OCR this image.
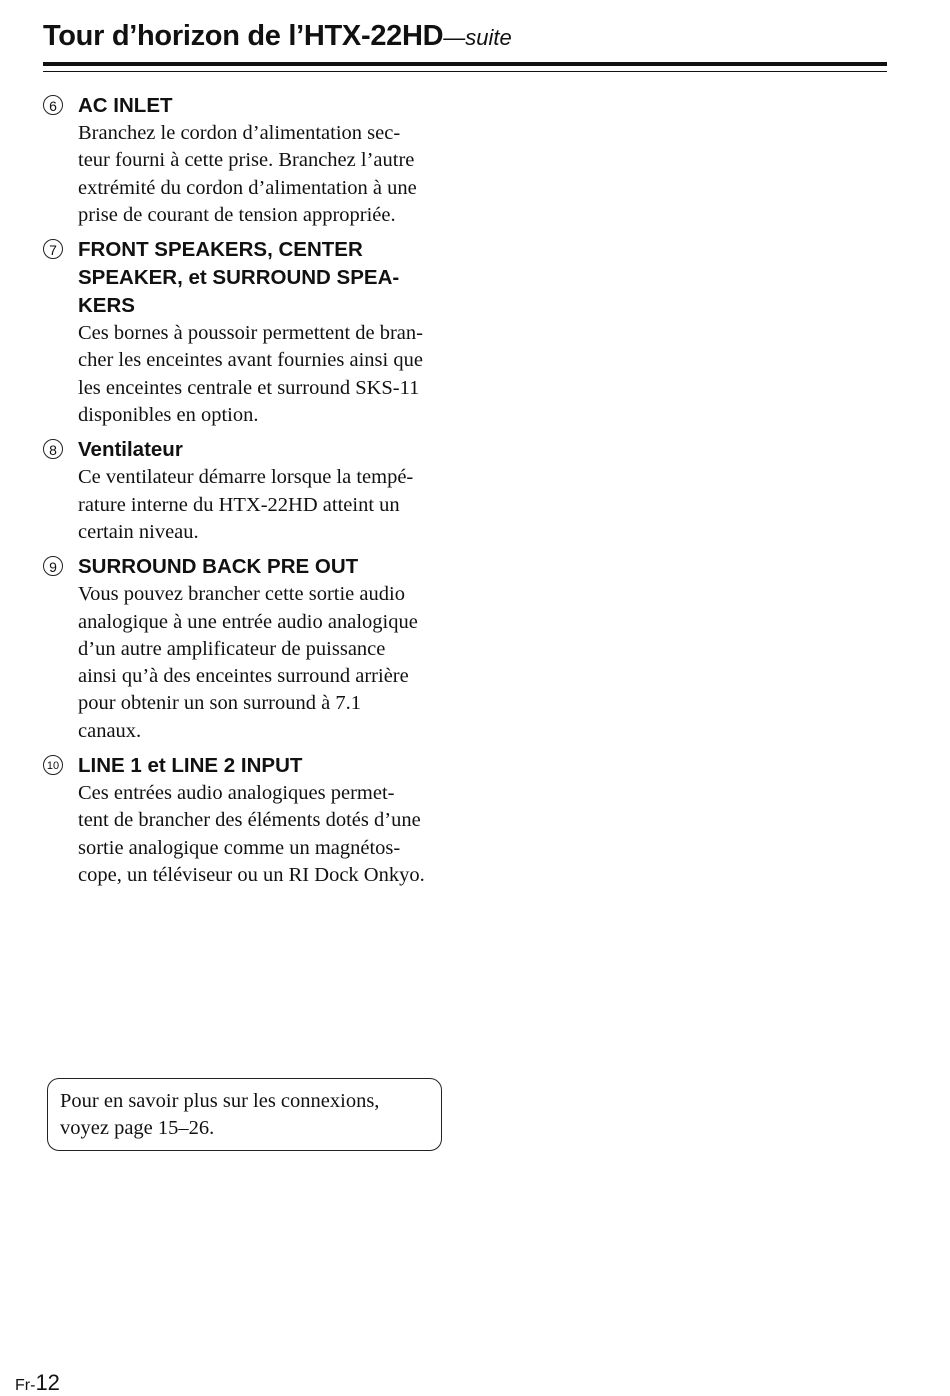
Tour d’horizon de l’HTX-22HD—suite
6 AC INLET
Branchez le cordon d’alimentation sec-
teur fourni à cette prise. Branchez l’autre
extrémité du cordon d’alimentation à une
prise de courant de tension appropriée.
7 FRONT SPEAKERS, CENTER
SPEAKER, et SURROUND SPEA-
KERS
Ces bornes à poussoir permettent de bran-
cher les enceintes avant fournies ainsi que
les enceintes centrale et surround SKS-11
disponibles en option.
8 Ventilateur
Ce ventilateur démarre lorsque la tempé-
rature interne du HTX-22HD atteint un
certain niveau.
9 SURROUND BACK PRE OUT
Vous pouvez brancher cette sortie audio
analogique à une entrée audio analogique
d’un autre amplificateur de puissance
ainsi qu’à des enceintes surround arrière
pour obtenir un son surround à 7.1
canaux.
10 LINE 1 et LINE 2 INPUT
Ces entrées audio analogiques permet-
tent de brancher des éléments dotés d’une
sortie analogique comme un magnétos-
cope, un téléviseur ou un RI Dock Onkyo.
Pour en savoir plus sur les connexions,
voyez page 15–26.
Fr-12
